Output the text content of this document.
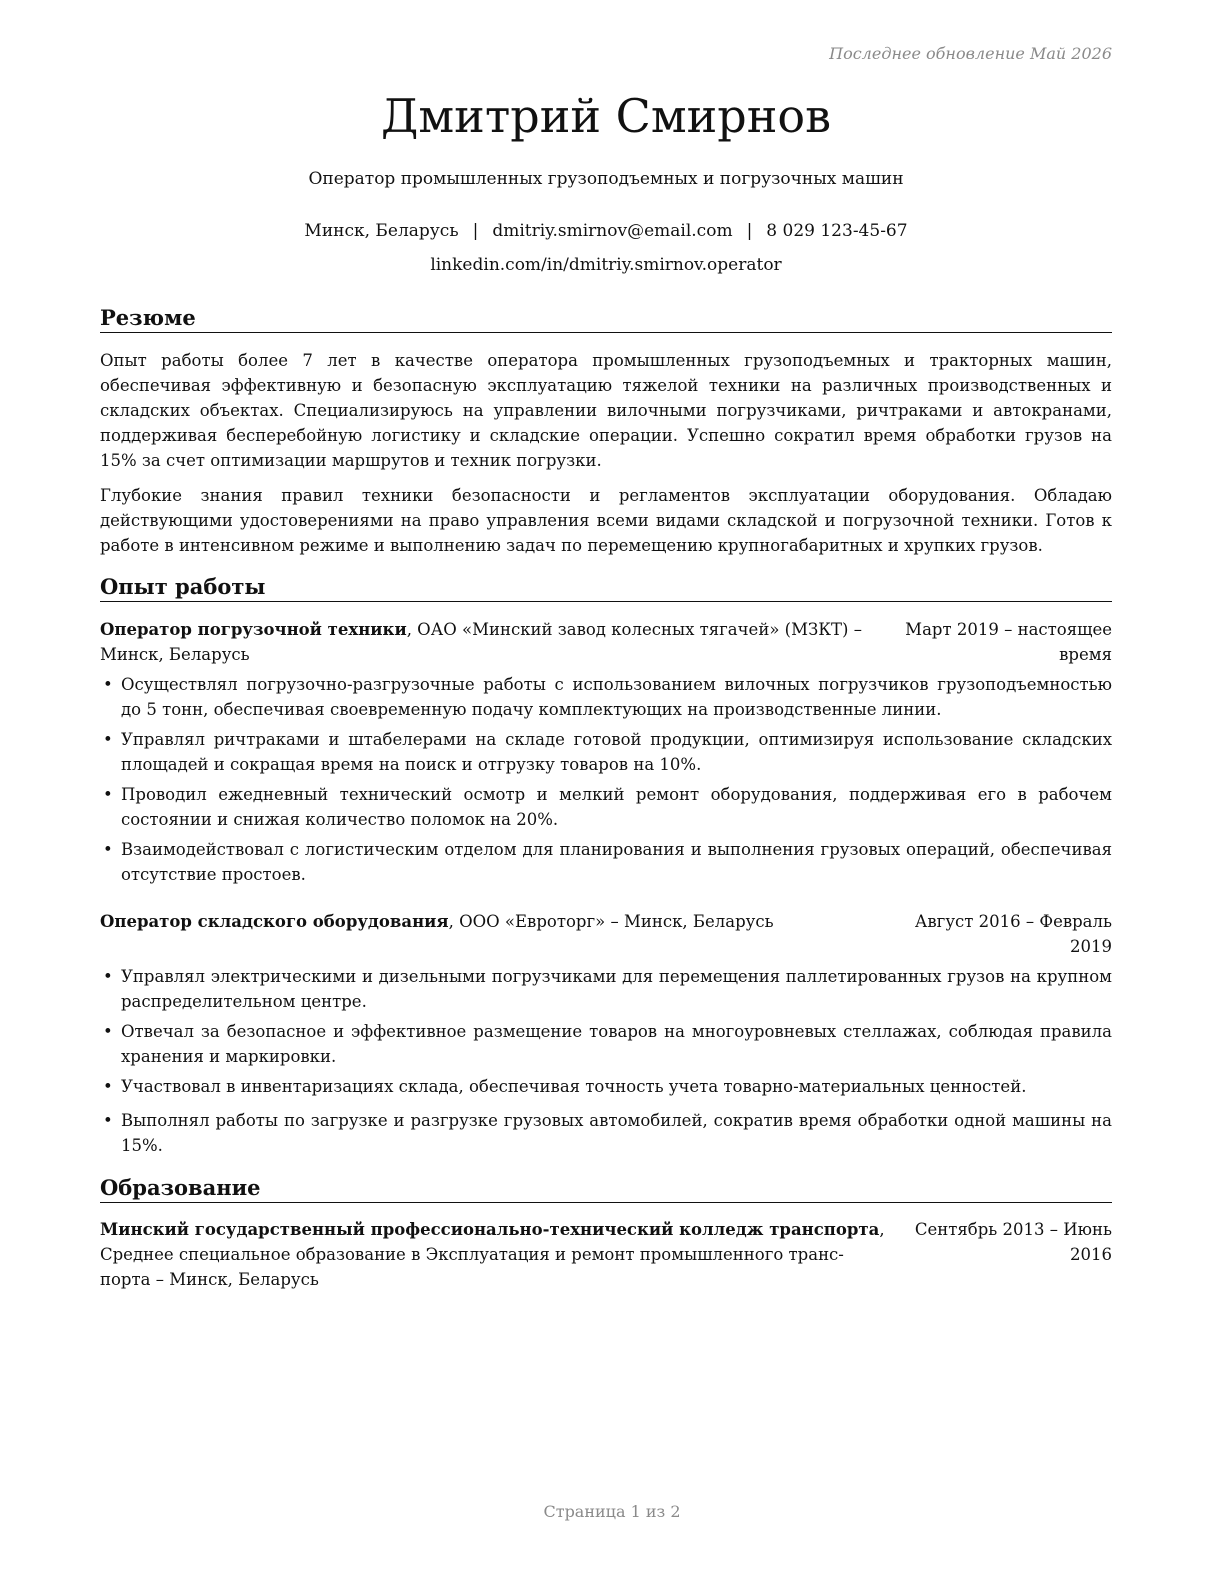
Последнее обновление Май 2026
Дмитрий Смирнов
Оператор промышленных грузоподъемных и погрузочных машин
Минск, Беларусь | dmitriy.smirnov@email.com | 8 029 123-45-67
linkedin.com/in/dmitriy.smirnov.operator
Резюме

Опыт работы более 7 лет в качестве оператора промышленных грузоподъемных и тракторных машин, обеспечивая эффективную и безопасную эксплуатацию тяжелой техники на различных производственных и складских объектах. Специализируюсь на управлении вилочными погрузчиками, ричтраками и автокранами, поддерживая бесперебойную логистику и складские операции. Успешно сократил время обработки грузов на 15% за счет оптимизации маршрутов и техник погрузки.

Глубокие знания правил техники безопасности и регламентов эксплуатации оборудования. Обладаю действующими удостоверениями на право управления всеми видами складской и погрузочной техники. Готов к работе в интенсивном режиме и выполнению задач по перемещению крупногабаритных и хрупких грузов.

Опыт работы
Оператор погрузочной техники, ОАО «Минский завод колесных тягачей» (МЗКТ) –	Март 2019 – настоящее
Минск, Беларусь	время
• Осуществлял погрузочно-разгрузочные работы с использованием вилочных погрузчиков грузоподъемностью до 5 тонн, обеспечивая своевременную подачу комплектующих на производственные линии.
• Управлял ричтраками и штабелерами на складе готовой продукции, оптимизируя использование складских площадей и сокращая время на поиск и отгрузку товаров на 10%.
• Проводил ежедневный технический осмотр и мелкий ремонт оборудования, поддерживая его в рабочем состоянии и снижая количество поломок на 20%.
• Взаимодействовал с логистическим отделом для планирования и выполнения грузовых операций, обеспечивая отсутствие простоев.
Оператор складского оборудования, ООО «Евроторг» – Минск, Беларусь	Август 2016 – Февраль
2019
• Управлял электрическими и дизельными погрузчиками для перемещения паллетированных грузов на крупном распределительном центре.
• Отвечал за безопасное и эффективное размещение товаров на многоуровневых стеллажах, соблюдая правила хранения и маркировки.
• Участвовал в инвентаризациях склада, обеспечивая точность учета товарно-материальных ценностей.
• Выполнял работы по загрузке и разгрузке грузовых автомобилей, сократив время обработки одной машины на 15%.
Образование
Минский государственный профессионально-технический колледж транспорта, Сентябрь 2013 – Июнь
Среднее специальное образование в Эксплуатация и ремонт промышленного транс-	2016
порта – Минск, Беларусь
Страница 1 из 2
